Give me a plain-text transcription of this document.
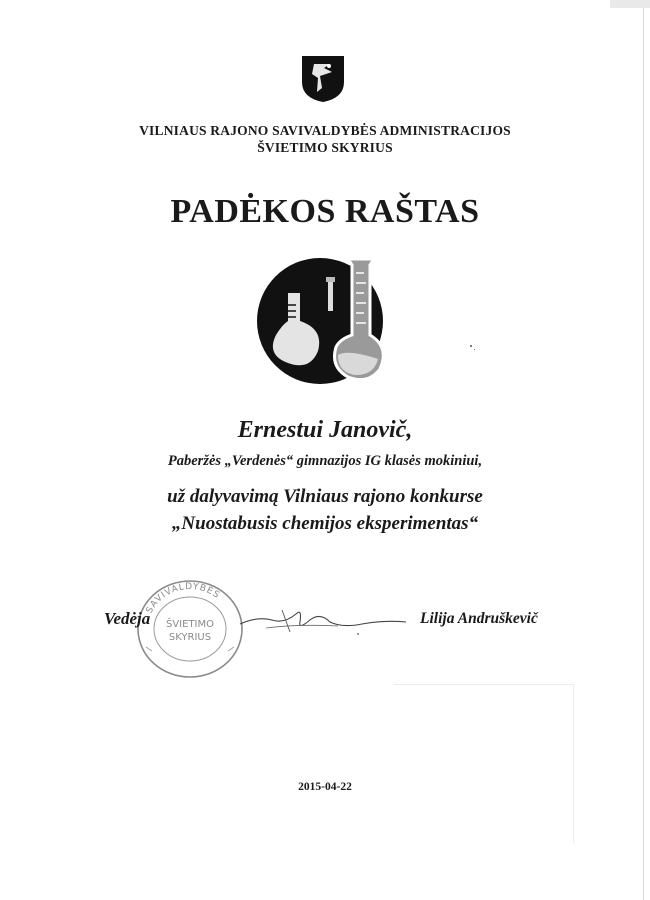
VILNIAUS RAJONO SAVIVALDYBĖS ADMINISTRACIJOS
ŠVIETIMO SKYRIUS
PADĖKOS RAŠTAS
Ernestui Janovič,
Paberžės „Verdenės“ gimnazijos IG klasės mokiniui,
už dalyvavimą Vilniaus rajono konkurse
„Nuostabusis chemijos eksperimentas“
SAVIVALDYBĖS
ŠVIETIMO
SKYRIUS
Vedėja	Lilija Andruškevič
2015-04-22
